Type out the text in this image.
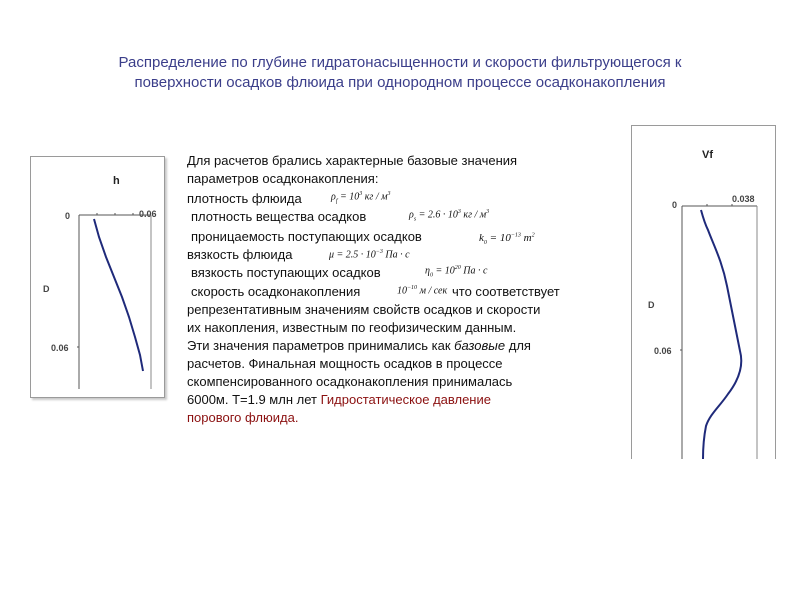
Распределение по глубине гидратонасыщенности и скорости фильтрующегося к
поверхности осадков флюида при однородном процессе осадконакопления
h
0	0.06
D
0.06
Vf
0
0.038
D
0.06
Для расчетов брались характерные базовые значения
параметров осадконакопления:
плотность флюида
плотность вещества осадков
проницаемость поступающих осадков
вязкость флюида
вязкость поступающих осадков
скорость осадконакопления	что соответствует
репрезентативным значениям свойств осадков и скорости
их накопления, известным по геофизическим данным.
Эти значения параметров принимались как базовые для
расчетов. Финальная мощность осадков в процессе
скомпенсированного осадконакопления принималась
6000м. Т=1.9 млн лет Гидростатическое давление
порового флюида.
$\rho_f = 10^3$ кг / $м^3$
$\rho_s = 2.6 \cdot 10^3$ кг / $м^3$
$k_0 = 10^{-13}$ $m^2$
$\mu = 2.5 \cdot 10^{-3}$ Па · с
$\eta_0 = 10^{20}$ Па · с
$10^{-10}$ м / сек
